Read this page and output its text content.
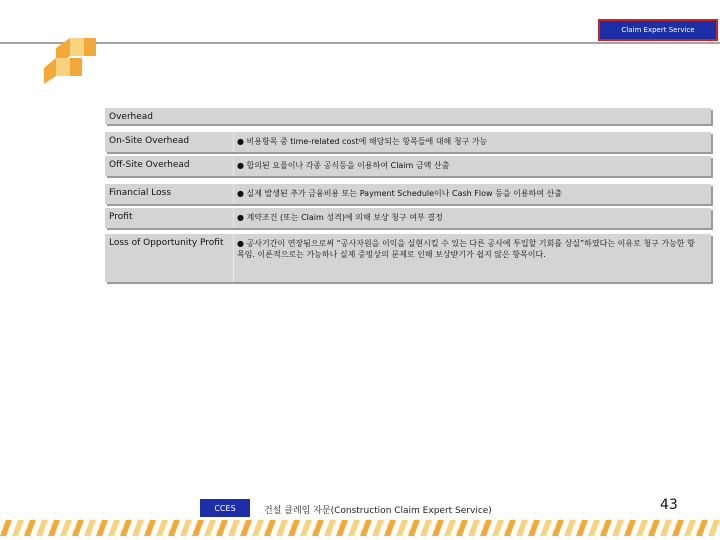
Claim Expert Service
Overhead
On-Site Overhead	● 비용항목 중 time-related cost에 해당되는 항목들에 대해 청구 가능
Off-Site Overhead	● 합의된 요율이나 각종 공식등을 이용하여 Claim 금액 산출
Financial Loss	● 실제 발생된 추가 금융비용 또는 Payment Schedule이나 Cash Flow 등을 이용하여 산출
Profit	● 계약조건 (또는 Claim 성격)에 의해 보상 청구 여부 결정
Loss of Opportunity Profit ● 공사기간이 연장됨으로써 “공사자원을 이익을 실현시킬 수 있는 다른 공사에 투입할 기회를 상실”하였다는 이유로 청구 가능한 항목임. 이론적으로는 가능하나 실제 증빙상의 문제로 인해 보상받기가 쉽지 않은 항목이다.
CCES	건설 클레임 자문(Construction Claim Expert Service)	43
